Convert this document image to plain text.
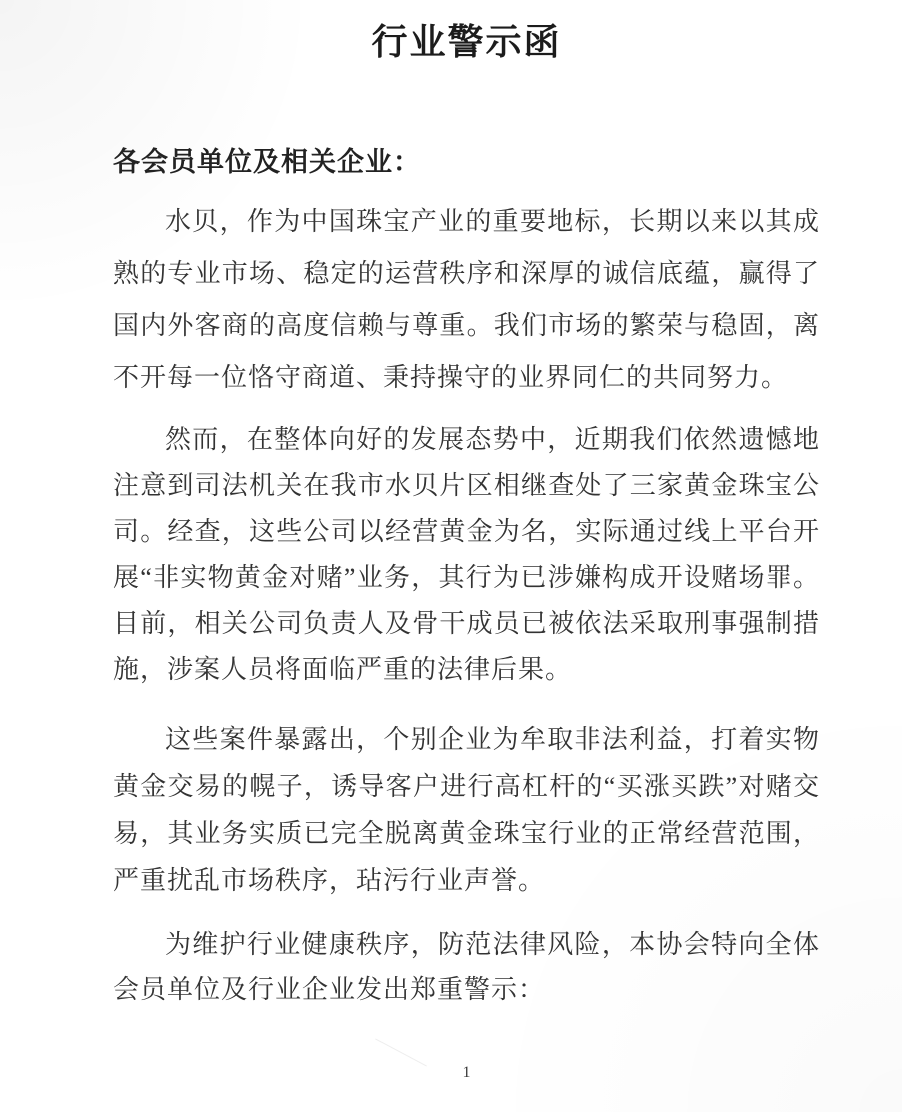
行业警示函

各会员单位及相关企业：

水贝，作为中国珠宝产业的重要地标，长期以来以其成熟的专业市场、稳定的运营秩序和深厚的诚信底蕴，赢得了国内外客商的高度信赖与尊重。我们市场的繁荣与稳固，离不开每一位恪守商道、秉持操守的业界同仁的共同努力。

然而，在整体向好的发展态势中，近期我们依然遗憾地注意到司法机关在我市水贝片区相继查处了三家黄金珠宝公司。经查，这些公司以经营黄金为名，实际通过线上平台开展“非实物黄金对赌”业务，其行为已涉嫌构成开设赌场罪。目前，相关公司负责人及骨干成员已被依法采取刑事强制措施，涉案人员将面临严重的法律后果。

这些案件暴露出，个别企业为牟取非法利益，打着实物黄金交易的幌子，诱导客户进行高杠杆的“买涨买跌”对赌交易，其业务实质已完全脱离黄金珠宝行业的正常经营范围，严重扰乱市场秩序，玷污行业声誉。

为维护行业健康秩序，防范法律风险，本协会特向全体会员单位及行业企业发出郑重警示：

1
